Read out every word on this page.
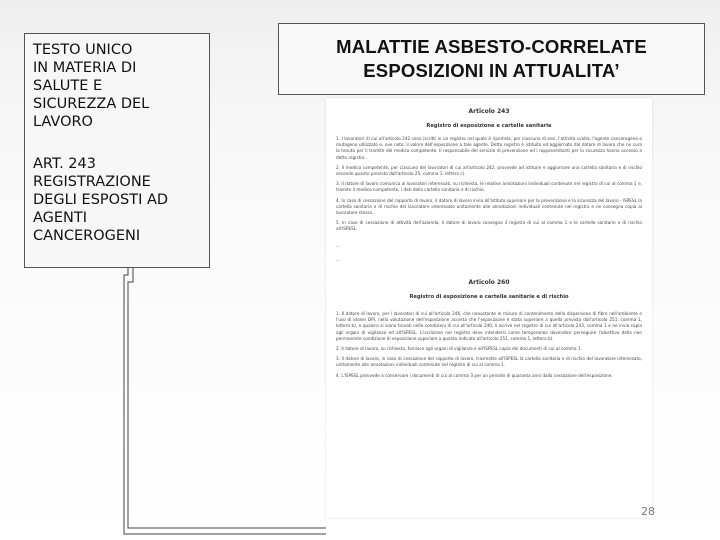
TESTO UNICO
IN MATERIA DI
SALUTE E
SICUREZZA DEL
LAVORO
ART. 243
REGISTRAZIONE
DEGLI ESPOSTI AD
AGENTI
CANCEROGENI
MALATTIE ASBESTO-CORRELATE
ESPOSIZIONI IN ATTUALITA’
Articolo 243
Registro di esposizione e cartelle sanitarie

1. I lavoratori di cui all'articolo 242 sono iscritti in un registro nel quale è riportata, per ciascuno di essi, l'attività svolta, l'agente cancerogeno o mutageno utilizzato e, ove noto, il valore dell'esposizione a tale agente. Detto registro è istituito ed aggiornato dal datore di lavoro che ne cura la tenuta per il tramite del medico competente. Il responsabile del servizio di prevenzione ed i rappresentanti per la sicurezza hanno accesso a detto registro.

2. Il medico competente, per ciascuno dei lavoratori di cui all'articolo 242, provvede ad istituire e aggiornare una cartella sanitaria e di rischio secondo quanto previsto dall'articolo 25, comma 1, lettera c).

3. Il datore di lavoro comunica ai lavoratori interessati, su richiesta, le relative annotazioni individuali contenute nel registro di cui al comma 1 e, tramite il medico competente, i dati della cartella sanitaria e di rischio.

4. In caso di cessazione del rapporto di lavoro, il datore di lavoro invia all'Istituto superiore per la prevenzione e la sicurezza del lavoro - ISPESL la cartella sanitaria e di rischio del lavoratore interessato unitamente alle annotazioni individuali contenute nel registro e ne consegna copia al lavoratore stesso.

5. In caso di cessazione di attività dell'azienda, il datore di lavoro consegna il registro di cui al comma 1 e le cartelle sanitarie e di rischio all'ISPESL.

...

...

Articolo 260
Registro di esposizione e cartelle sanitarie e di rischio

1. Il datore di lavoro, per i lavoratori di cui all'articolo 246, che nonostante le misure di contenimento della dispersione di fibre nell'ambiente e l'uso di idonei DPI, nella valutazione dell'esposizione accerta che l'esposizione è stata superiore a quella prevista dall'articolo 251, comma 1, lettera b), e qualora si siano trovati nelle condizioni di cui all'articolo 240, li iscrive nel registro di cui all'articolo 243, comma 1 e ne invia copia agli organi di vigilanza ed all'ISPESL. L'iscrizione nel registro deve intendersi come temporanea dovendosi perseguire l'obiettivo della non permanente condizione di esposizione superiore a quanto indicato all'articolo 251, comma 1, lettera b).

2. Il datore di lavoro, su richiesta, fornisce agli organi di vigilanza e all'ISPESL copia dei documenti di cui al comma 1.

3. Il datore di lavoro, in caso di cessazione del rapporto di lavoro, trasmette all'ISPESL la cartella sanitaria e di rischio del lavoratore interessato, unitamente alle annotazioni individuali contenute nel registro di cui al comma 1.

4. L'ISPESL provvede a conservare i documenti di cui al comma 3 per un periodo di quaranta anni dalla cessazione dell'esposizione.

28
